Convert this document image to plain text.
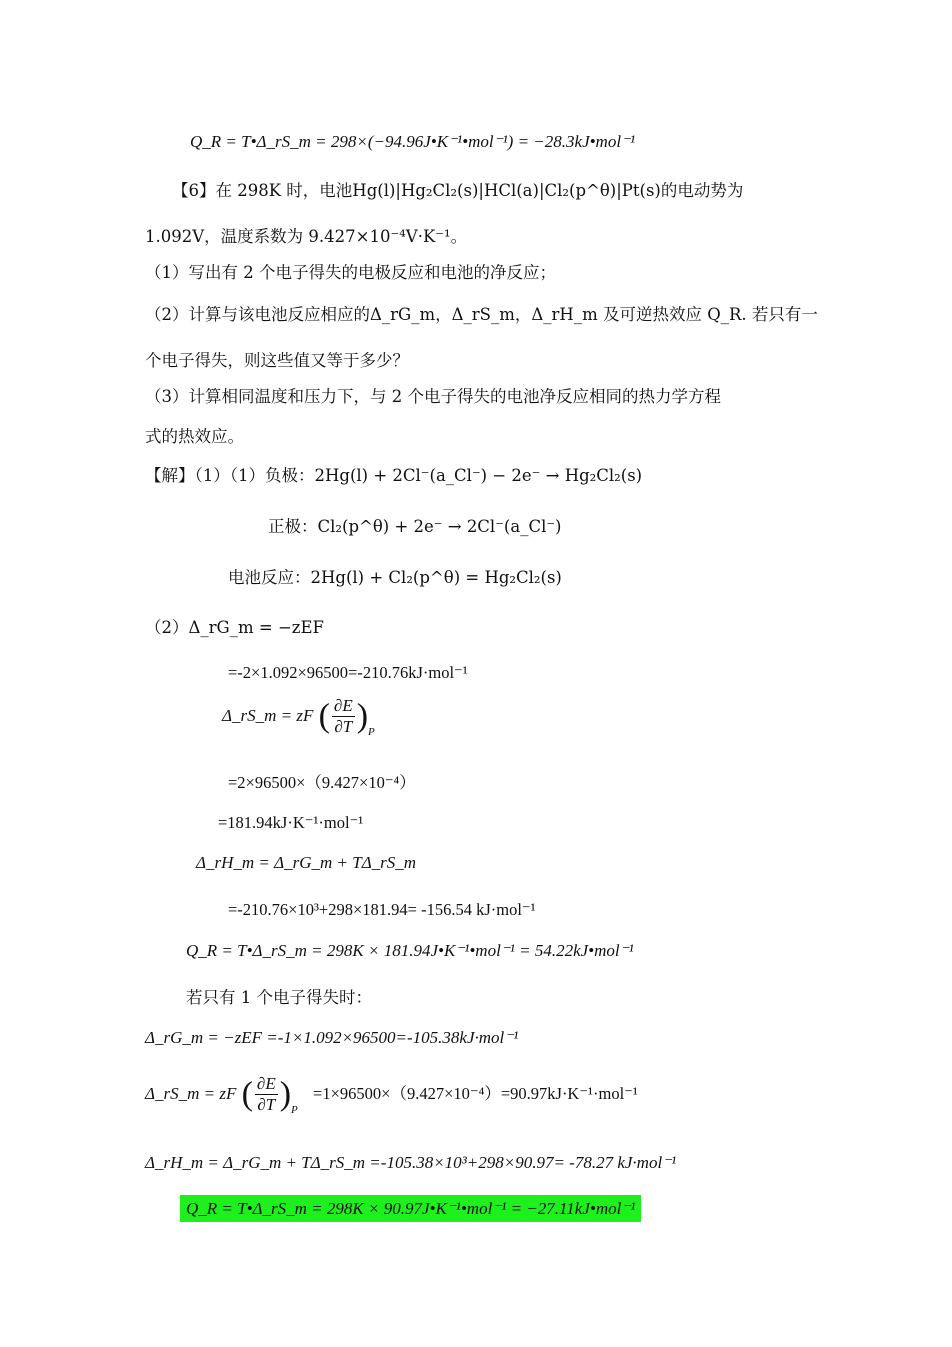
Q_R = T•Δ_rS_m = 298×(−94.96J•K⁻¹•mol⁻¹) = −28.3kJ•mol⁻¹
【6】在 298K 时，电池Hg(l)|Hg₂Cl₂(s)|HCl(a)|Cl₂(p^θ)|Pt(s)的电动势为
1.092V，温度系数为 9.427×10⁻⁴V·K⁻¹。
（1）写出有 2 个电子得失的电极反应和电池的净反应；
（2）计算与该电池反应相应的Δ_rG_m，Δ_rS_m，Δ_rH_m 及可逆热效应 Q_R. 若只有一
个电子得失，则这些值又等于多少？
（3）计算相同温度和压力下，与 2 个电子得失的电池净反应相同的热力学方程
式的热效应。
【解】（1）（1）负极：2Hg(l) + 2Cl⁻(a_Cl⁻) − 2e⁻ → Hg₂Cl₂(s)
正极：Cl₂(p^θ) + 2e⁻ → 2Cl⁻(a_Cl⁻)
电池反应：2Hg(l) + Cl₂(p^θ) = Hg₂Cl₂(s)
（2）Δ_rG_m = −zEF
=-2×1.092×96500=-210.76kJ·mol⁻¹
Δ_rS_m = zF ( $\frac{\partial E}{\partial T} )_P$
=2×96500×（9.427×10⁻⁴）
=181.94kJ·K⁻¹·mol⁻¹
Δ_rH_m = Δ_rG_m + TΔ_rS_m
=-210.76×10³+298×181.94= -156.54 kJ·mol⁻¹
Q_R = T•Δ_rS_m = 298K × 181.94J•K⁻¹•mol⁻¹ = 54.22kJ•mol⁻¹
若只有 1 个电子得失时：
Δ_rG_m = −zEF =-1×1.092×96500=-105.38kJ·mol⁻¹
Δ_rS_m = zF ( $\frac{\partial E}{\partial T} )_P =1\times 96500\times(9.427\times 10^{-4})=90.97kJ\cdot K^{-1}\cdot mol^{-1}$
Δ_rH_m = Δ_rG_m + TΔ_rS_m =-105.38×10³+298×90.97= -78.27 kJ·mol⁻¹
Q_R = T•Δ_rS_m = 298K × 90.97J•K⁻¹•mol⁻¹ = −27.11kJ•mol⁻¹
